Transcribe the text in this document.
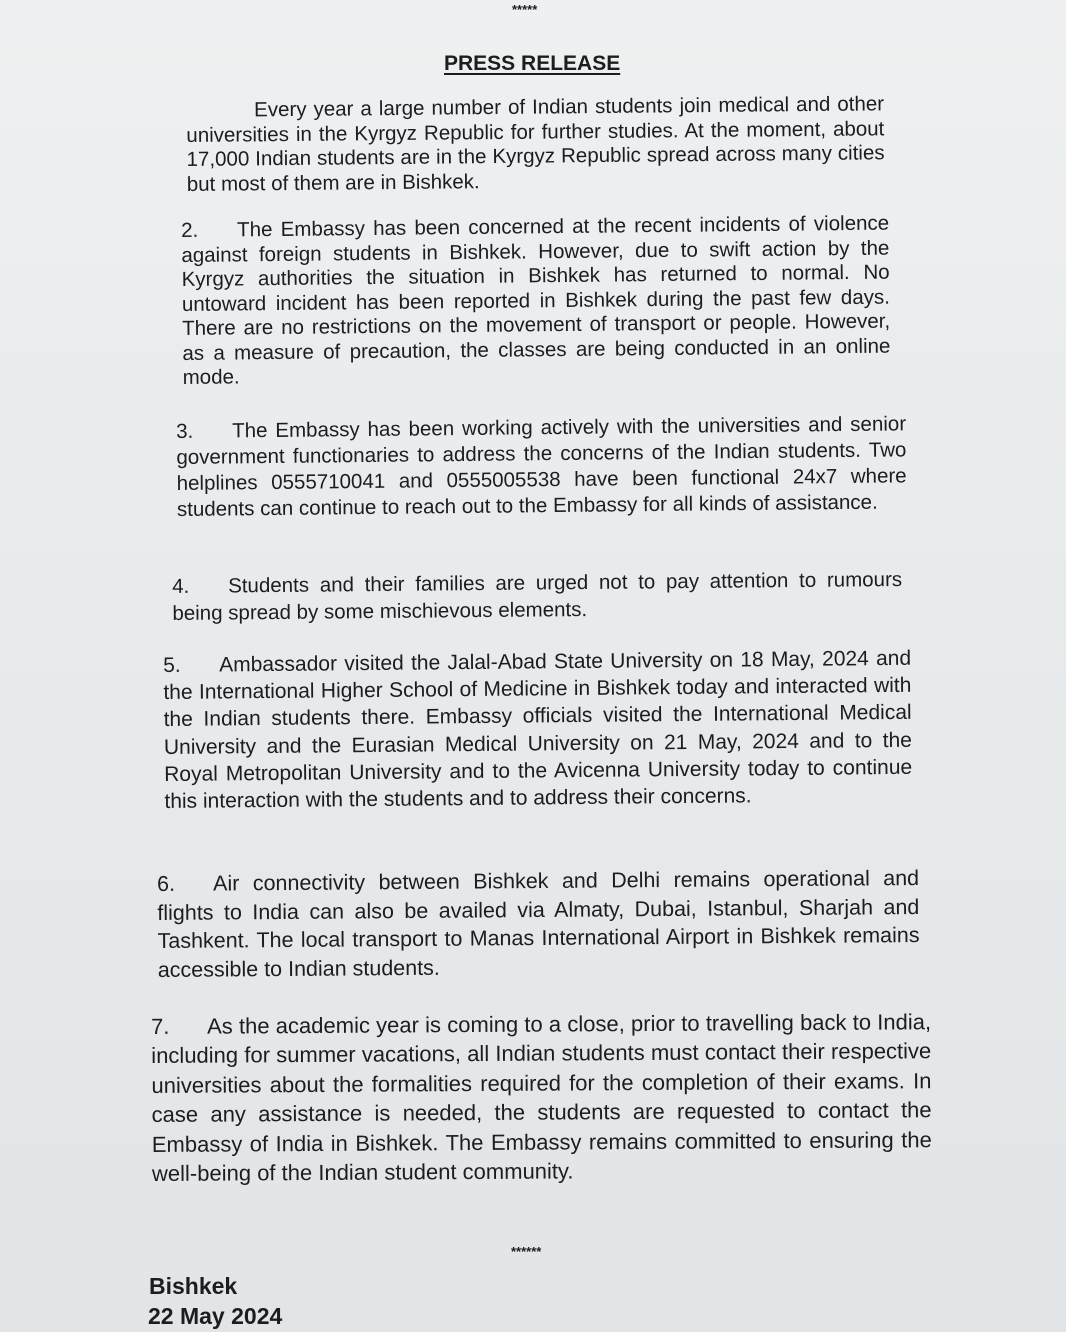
*****
PRESS RELEASE

Every year a large number of Indian students join medical and other universities in the Kyrgyz Republic for further studies. At the moment, about 17,000 Indian students are in the Kyrgyz Republic spread across many cities but most of them are in Bishkek.

2. The Embassy has been concerned at the recent incidents of violence against foreign students in Bishkek. However, due to swift action by the Kyrgyz authorities the situation in Bishkek has returned to normal. No untoward incident has been reported in Bishkek during the past few days. There are no restrictions on the movement of transport or people. However, as a measure of precaution, the classes are being conducted in an online mode.

3. The Embassy has been working actively with the universities and senior government functionaries to address the concerns of the Indian students. Two helplines 0555710041 and 0555005538 have been functional 24x7 where students can continue to reach out to the Embassy for all kinds of assistance.

4. Students and their families are urged not to pay attention to rumours being spread by some mischievous elements.

5. Ambassador visited the Jalal-Abad State University on 18 May, 2024 and the International Higher School of Medicine in Bishkek today and interacted with the Indian students there. Embassy officials visited the International Medical University and the Eurasian Medical University on 21 May, 2024 and to the Royal Metropolitan University and to the Avicenna University today to continue this interaction with the students and to address their concerns.

6. Air connectivity between Bishkek and Delhi remains operational and flights to India can also be availed via Almaty, Dubai, Istanbul, Sharjah and Tashkent. The local transport to Manas International Airport in Bishkek remains accessible to Indian students.

7. As the academic year is coming to a close, prior to travelling back to India, including for summer vacations, all Indian students must contact their respective universities about the formalities required for the completion of their exams. In case any assistance is needed, the students are requested to contact the Embassy of India in Bishkek. The Embassy remains committed to ensuring the well-being of the Indian student community.

******
Bishkek
22 May 2024
